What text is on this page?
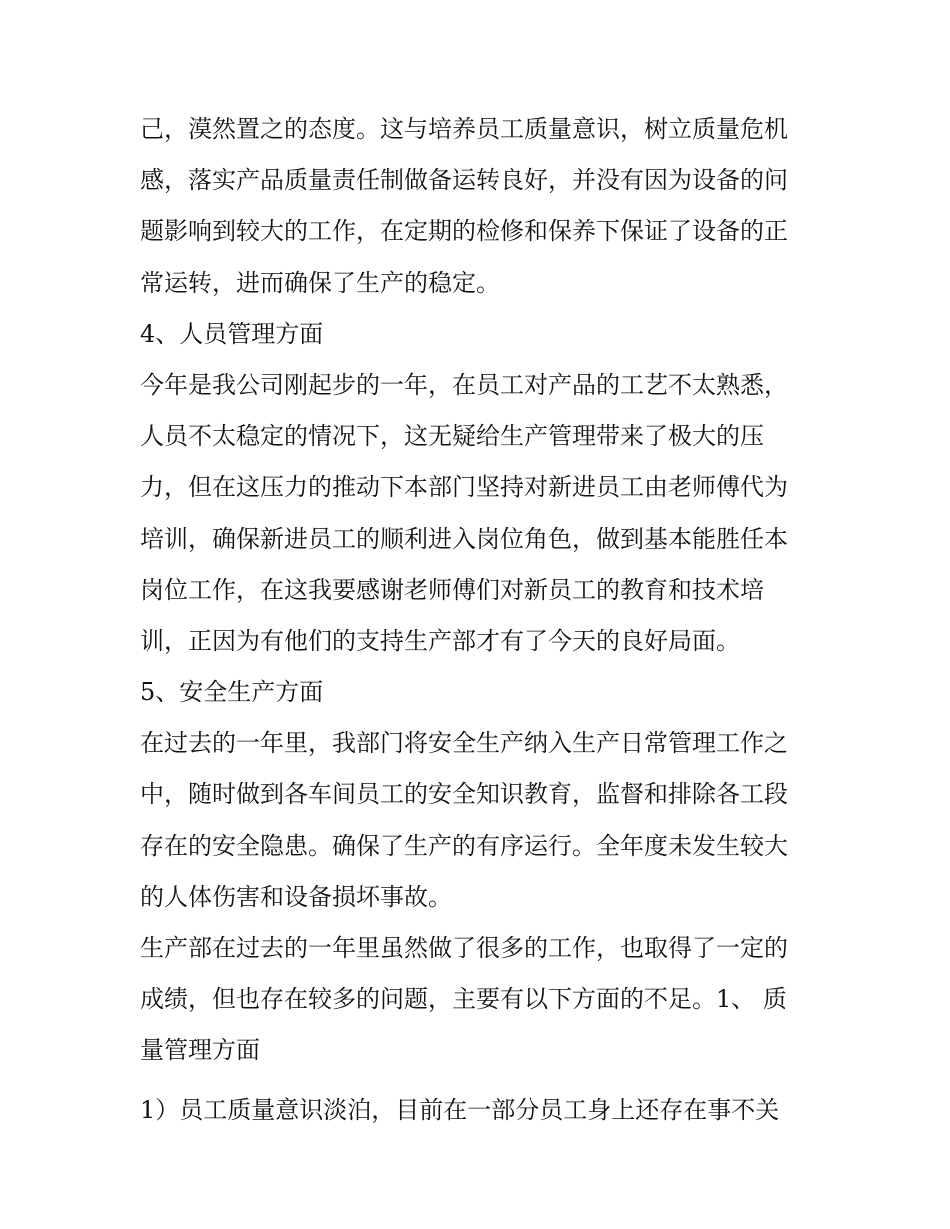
己，漠然置之的态度。这与培养员工质量意识，树立质量危机
感，落实产品质量责任制做备运转良好，并没有因为设备的问
题影响到较大的工作，在定期的检修和保养下保证了设备的正
常运转，进而确保了生产的稳定。
4、人员管理方面
今年是我公司刚起步的一年，在员工对产品的工艺不太熟悉，
人员不太稳定的情况下，这无疑给生产管理带来了极大的压
力，但在这压力的推动下本部门坚持对新进员工由老师傅代为
培训，确保新进员工的顺利进入岗位角色，做到基本能胜任本
岗位工作，在这我要感谢老师傅们对新员工的教育和技术培
训，正因为有他们的支持生产部才有了今天的良好局面。
5、安全生产方面
在过去的一年里，我部门将安全生产纳入生产日常管理工作之
中，随时做到各车间员工的安全知识教育，监督和排除各工段
存在的安全隐患。确保了生产的有序运行。全年度未发生较大
的人体伤害和设备损坏事故。
生产部在过去的一年里虽然做了很多的工作，也取得了一定的
成绩，但也存在较多的问题，主要有以下方面的不足。1、 质
量管理方面
1）员工质量意识淡泊，目前在一部分员工身上还存在事不关
